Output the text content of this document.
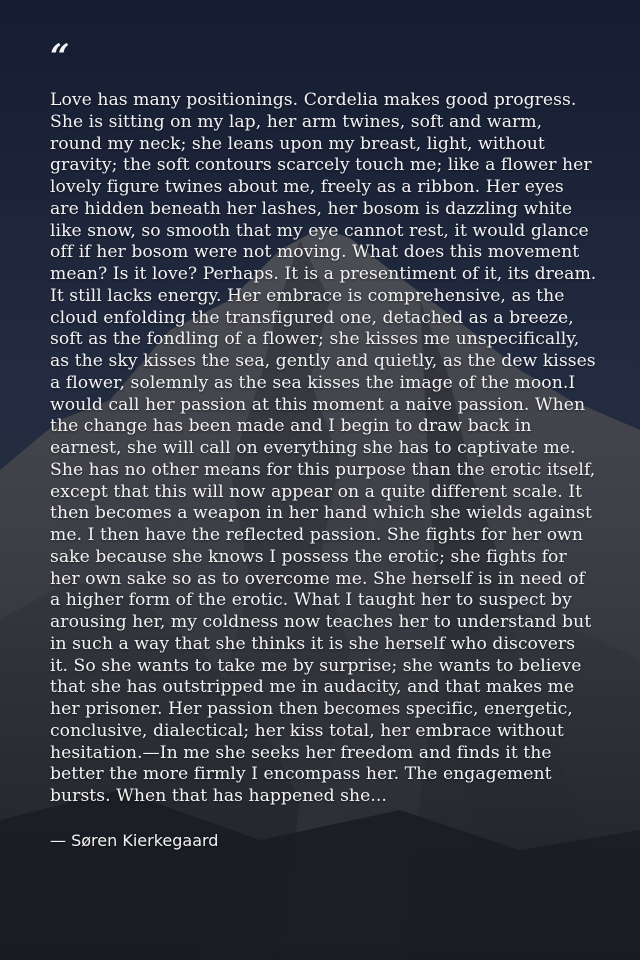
“

Love has many positionings. Cordelia makes good progress. She is sitting on my lap, her arm twines, soft and warm, round my neck; she leans upon my breast, light, without gravity; the soft contours scarcely touch me; like a flower her lovely figure twines about me, freely as a ribbon. Her eyes are hidden beneath her lashes, her bosom is dazzling white like snow, so smooth that my eye cannot rest, it would glance off if her bosom were not moving. What does this movement mean? Is it love? Perhaps. It is a presentiment of it, its dream. It still lacks energy. Her embrace is comprehensive, as the cloud enfolding the transfigured one, detached as a breeze, soft as the fondling of a flower; she kisses me unspecifically, as the sky kisses the sea, gently and quietly, as the dew kisses a flower, solemnly as the sea kisses the image of the moon.I would call her passion at this moment a naive passion. When the change has been made and I begin to draw back in earnest, she will call on everything she has to captivate me. She has no other means for this purpose than the erotic itself, except that this will now appear on a quite different scale. It then becomes a weapon in her hand which she wields against me. I then have the reflected passion. She fights for her own sake because she knows I possess the erotic; she fights for her own sake so as to overcome me. She herself is in need of a higher form of the erotic. What I taught her to suspect by arousing her, my coldness now teaches her to understand but in such a way that she thinks it is she herself who discovers it. So she wants to take me by surprise; she wants to believe that she has outstripped me in audacity, and that makes me her prisoner. Her passion then becomes specific, energetic, conclusive, dialectical; her kiss total, her embrace without hesitation.—In me she seeks her freedom and finds it the better the more firmly I encompass her. The engagement bursts. When that has happened she...

— Søren Kierkegaard
